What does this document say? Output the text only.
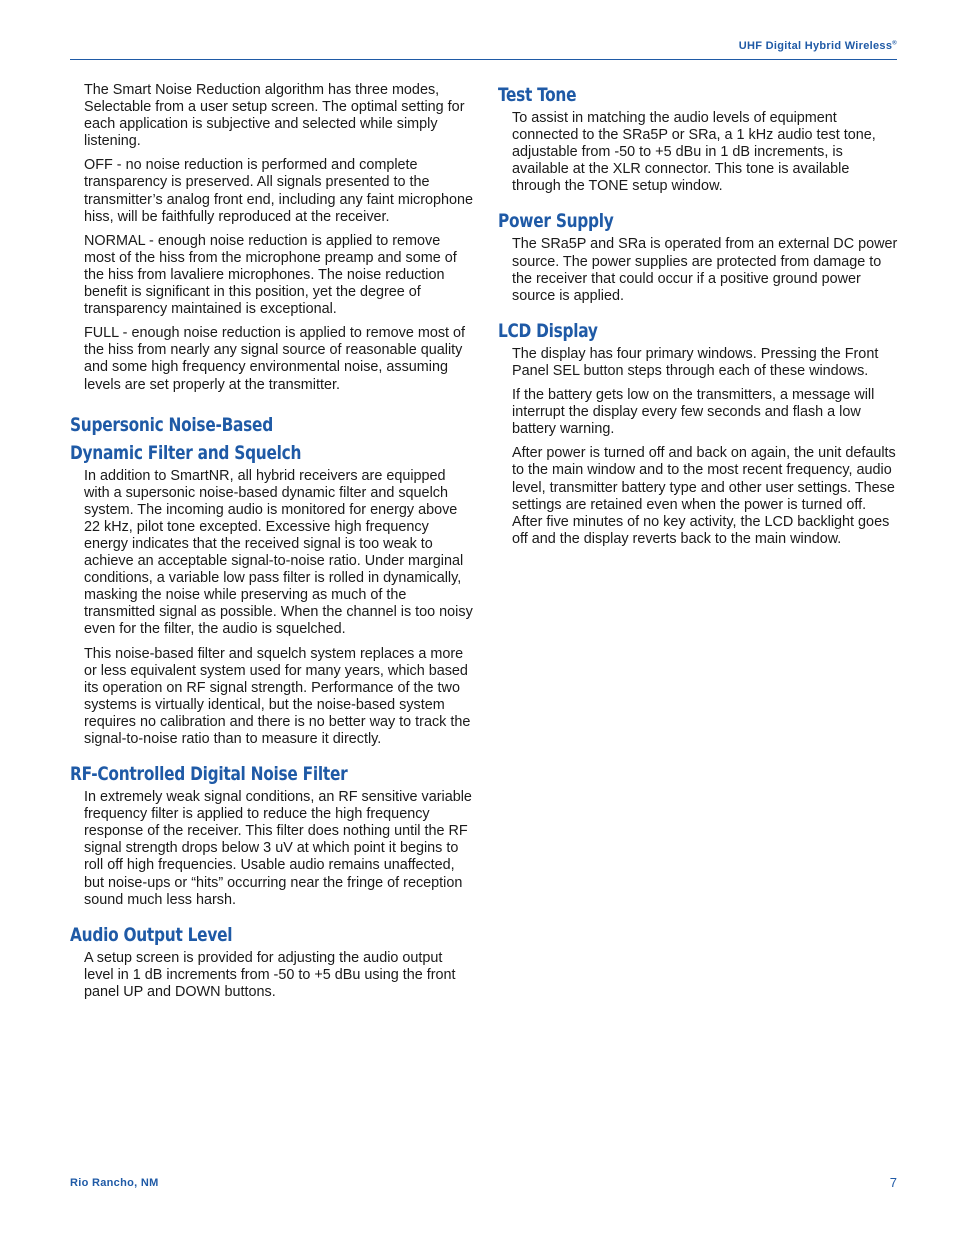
UHF Digital Hybrid Wireless®

The Smart Noise Reduction algorithm has three modes, Selectable from a user setup screen. The optimal setting for each application is subjective and selected while simply listening.

OFF - no noise reduction is performed and complete transparency is preserved. All signals presented to the transmitter’s analog front end, including any faint microphone hiss, will be faithfully reproduced at the receiver.

NORMAL - enough noise reduction is applied to remove most of the hiss from the microphone preamp and some of the hiss from lavaliere microphones. The noise reduction benefit is significant in this position, yet the degree of transparency maintained is exceptional.

FULL - enough noise reduction is applied to remove most of the hiss from nearly any signal source of reasonable quality and some high frequency environmental noise, assuming levels are set properly at the transmitter.

Supersonic Noise-Based
Dynamic Filter and Squelch

In addition to SmartNR, all hybrid receivers are equipped with a supersonic noise-based dynamic filter and squelch system. The incoming audio is monitored for energy above 22 kHz, pilot tone excepted. Excessive high frequency energy indicates that the received signal is too weak to achieve an acceptable signal-to-noise ratio. Under marginal conditions, a variable low pass filter is rolled in dynamically, masking the noise while preserving as much of the transmitted signal as possible. When the channel is too noisy even for the filter, the audio is squelched.

This noise-based filter and squelch system replaces a more or less equivalent system used for many years, which based its operation on RF signal strength. Performance of the two systems is virtually identical, but the noise-based system requires no calibration and there is no better way to track the signal-to-noise ratio than to measure it directly.

RF-Controlled Digital Noise Filter

In extremely weak signal conditions, an RF sensitive variable frequency filter is applied to reduce the high frequency response of the receiver. This filter does nothing until the RF signal strength drops below 3 uV at which point it begins to roll off high frequencies. Usable audio remains unaffected, but noise-ups or “hits” occurring near the fringe of reception sound much less harsh.

Audio Output Level

A setup screen is provided for adjusting the audio output level in 1 dB increments from -50 to +5 dBu using the front panel UP and DOWN buttons.

Test Tone

To assist in matching the audio levels of equipment connected to the SRa5P or SRa, a 1 kHz audio test tone, adjustable from -50 to +5 dBu in 1 dB increments, is available at the XLR connector. This tone is available through the TONE setup window.

Power Supply

The SRa5P and SRa is operated from an external DC power source. The power supplies are protected from damage to the receiver that could occur if a positive ground power source is applied.

LCD Display

The display has four primary windows. Pressing the Front Panel SEL button steps through each of these windows.

If the battery gets low on the transmitters, a message will interrupt the display every few seconds and flash a low battery warning.

After power is turned off and back on again, the unit defaults to the main window and to the most recent frequency, audio level, transmitter battery type and other user settings. These settings are retained even when the power is turned off. After five minutes of no key activity, the LCD backlight goes off and the display reverts back to the main window.

Rio Rancho, NM	7
